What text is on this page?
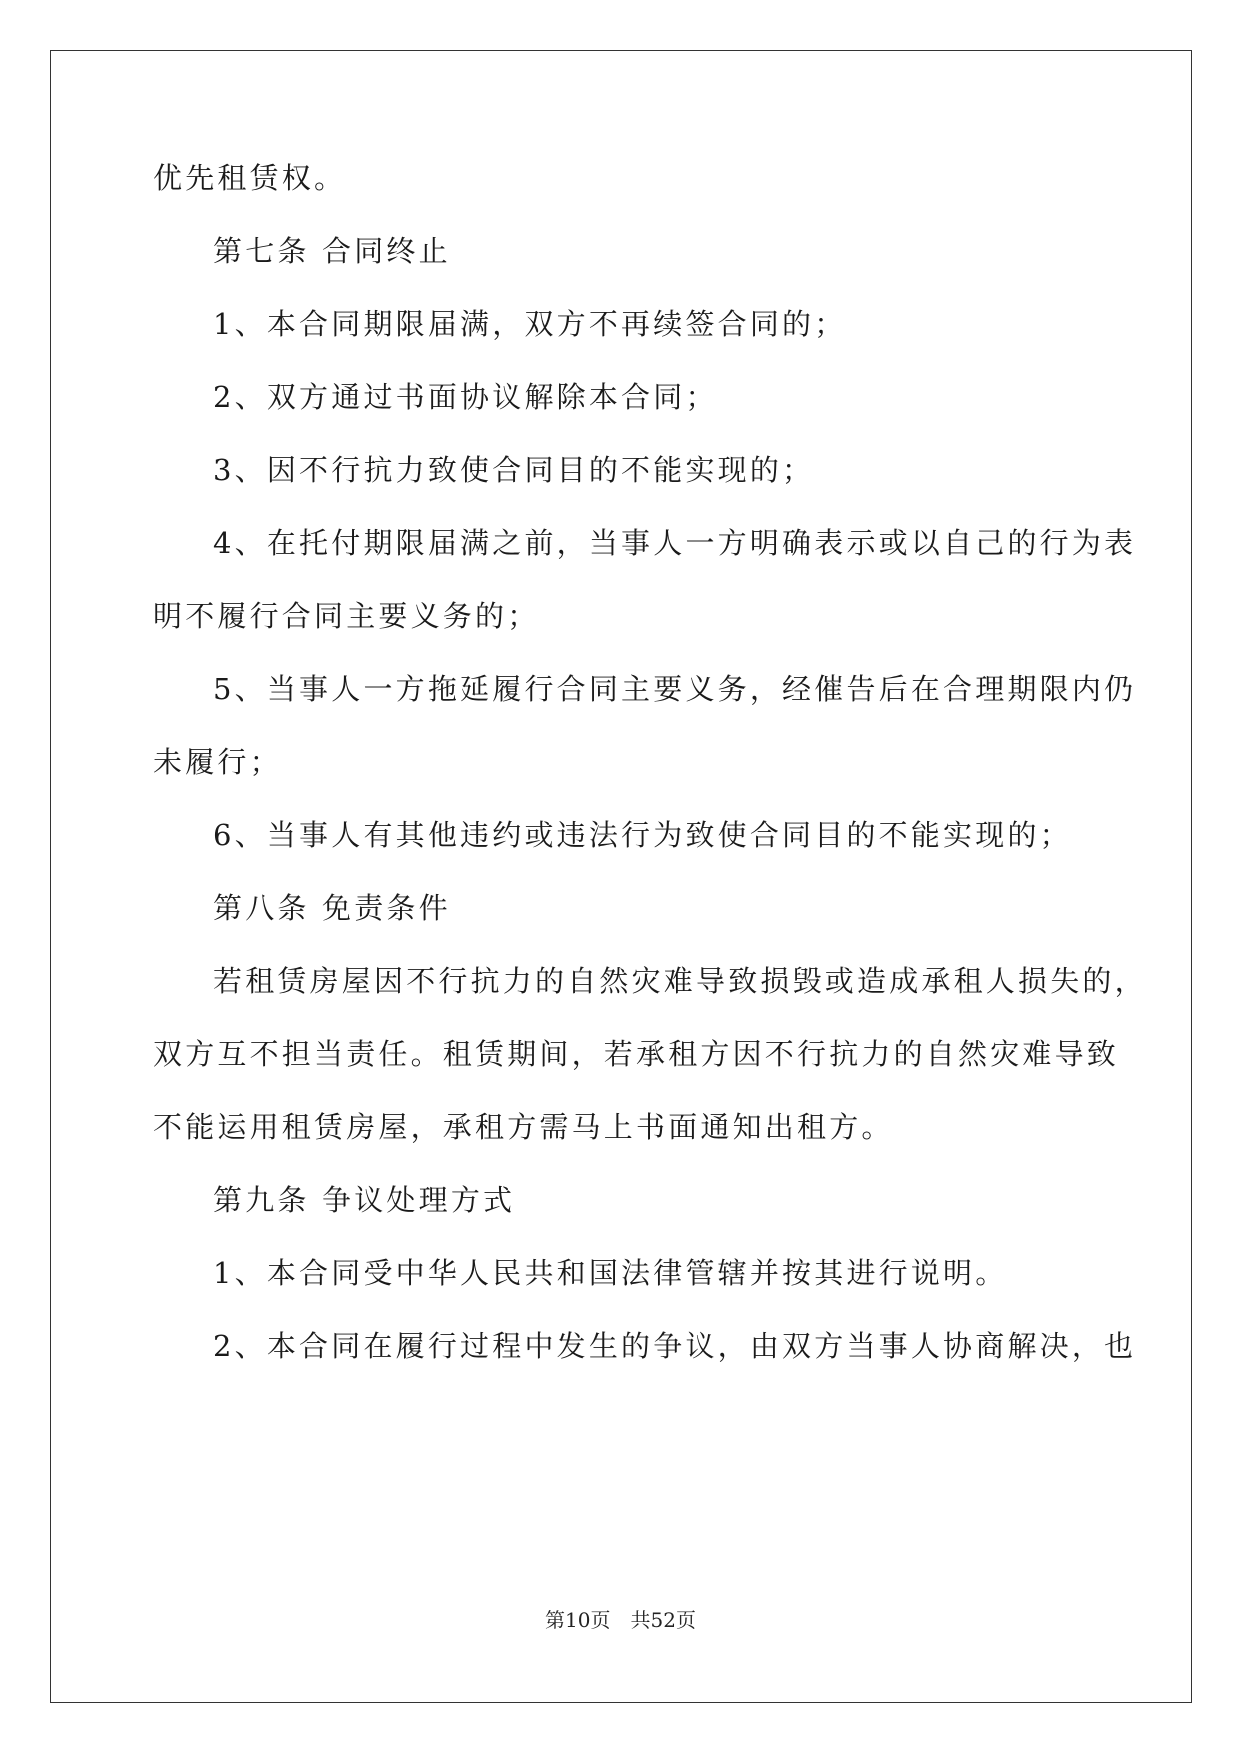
优先租赁权。
第七条 合同终止
1、本合同期限届满，双方不再续签合同的；
2、双方通过书面协议解除本合同；
3、因不行抗力致使合同目的不能实现的；
4、在托付期限届满之前，当事人一方明确表示或以自己的行为表
明不履行合同主要义务的；
5、当事人一方拖延履行合同主要义务，经催告后在合理期限内仍
未履行；
6、当事人有其他违约或违法行为致使合同目的不能实现的；
第八条 免责条件
若租赁房屋因不行抗力的自然灾难导致损毁或造成承租人损失的，
双方互不担当责任。租赁期间，若承租方因不行抗力的自然灾难导致
不能运用租赁房屋，承租方需马上书面通知出租方。
第九条 争议处理方式
1、本合同受中华人民共和国法律管辖并按其进行说明。
2、本合同在履行过程中发生的争议，由双方当事人协商解决，也
第10页 共52页
